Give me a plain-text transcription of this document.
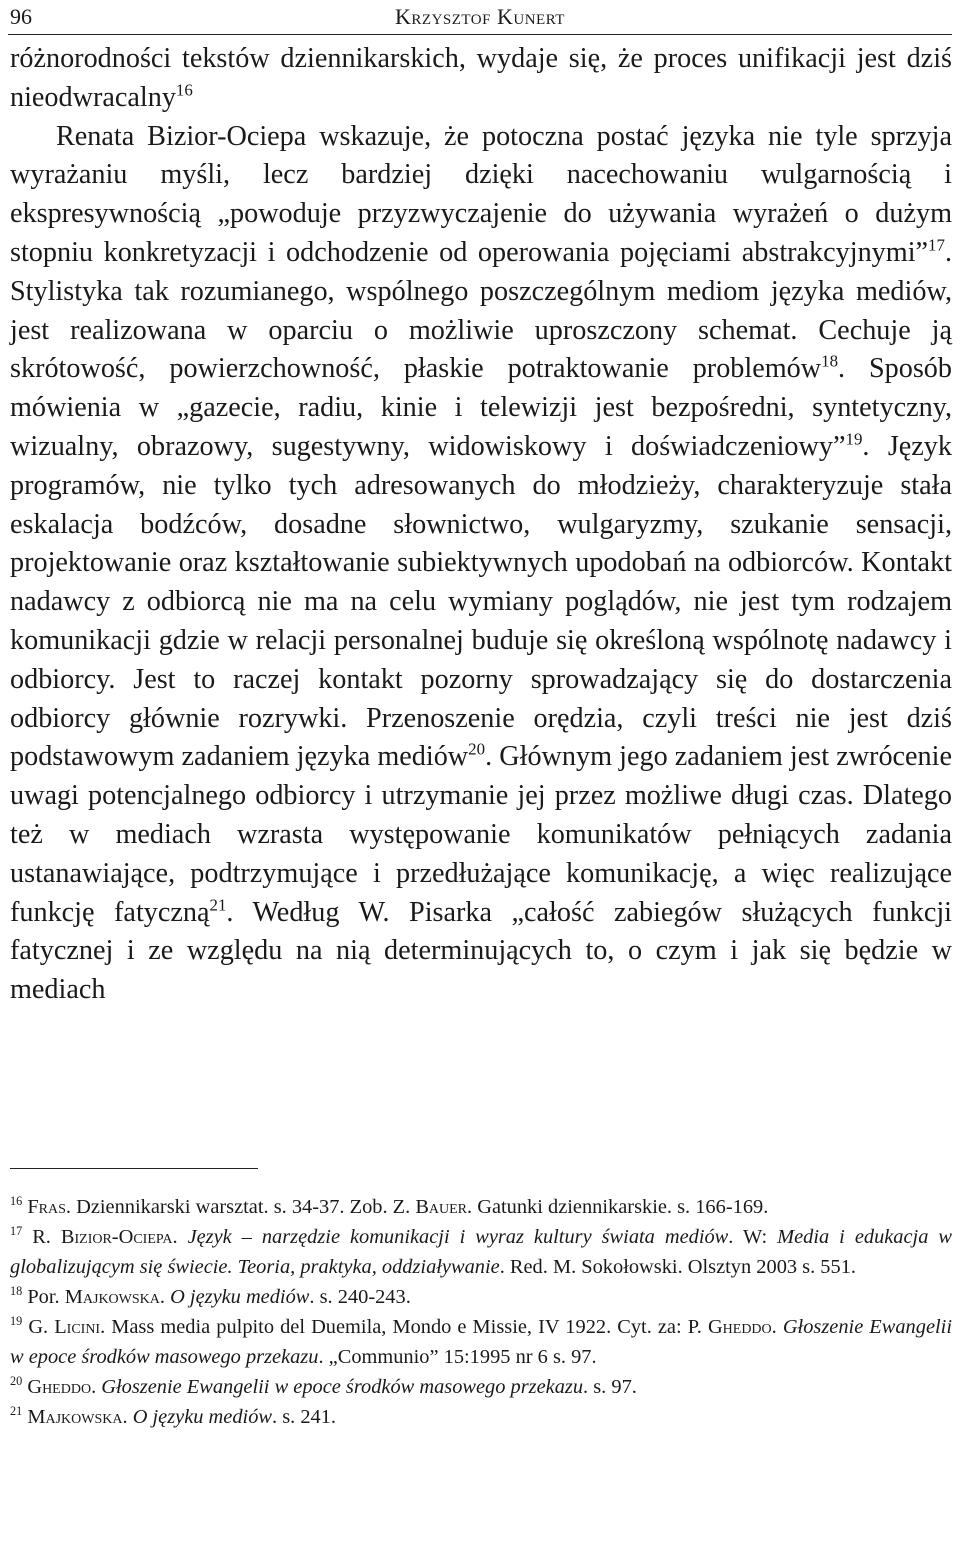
96	Krzysztof Kunert

różnorodności tekstów dziennikarskich, wydaje się, że proces unifikacji jest dziś nieodwracalny$^{16}$

Renata Bizior-Ociepa wskazuje, że potoczna postać języka nie tyle sprzyja wyrażaniu myśli, lecz bardziej dzięki nacechowaniu wulgarnością i ekspresywnością „powoduje przyzwyczajenie do używania wyrażeń o dużym stopniu konkretyzacji i odchodzenie od operowania pojęciami abstrakcyjnymi”$^{17}$. Stylistyka tak rozumianego, wspólnego poszczególnym mediom języka mediów, jest realizowana w oparciu o możliwie uproszczony schemat. Cechuje ją skrótowość, powierzchowność, płaskie potraktowanie problemów$^{18}$. Sposób mówienia w „gazecie, radiu, kinie i telewizji jest bezpośredni, syntetyczny, wizualny, obrazowy, sugestywny, widowiskowy i doświadczeniowy”$^{19}$. Język programów, nie tylko tych adresowanych do młodzieży, charakteryzuje stała eskalacja bodźców, dosadne słownictwo, wulgaryzmy, szukanie sensacji, projektowanie oraz kształtowanie subiektywnych upodobań na odbiorców. Kontakt nadawcy z odbiorcą nie ma na celu wymiany poglądów, nie jest tym rodzajem komunikacji gdzie w relacji personalnej buduje się określoną wspólnotę nadawcy i odbiorcy. Jest to raczej kontakt pozorny sprowadzający się do dostarczenia odbiorcy głównie rozrywki. Przenoszenie orędzia, czyli treści nie jest dziś podstawowym zadaniem języka mediów$^{20}$. Głównym jego zadaniem jest zwrócenie uwagi potencjalnego odbiorcy i utrzymanie jej przez możliwe długi czas. Dlatego też w mediach wzrasta występowanie komunikatów pełniących zadania ustanawiające, podtrzymujące i przedłużające komunikację, a więc realizujące funkcję fatyczną$^{21}$. Według W. Pisarka „całość zabiegów służących funkcji fatycznej i ze względu na nią determinujących to, o czym i jak się będzie w mediach

$^{16}$ Fras. Dziennikarski warsztat. s. 34-37. Zob. Z. Bauer. Gatunki dziennikarskie. s. 166-169.

$^{17}$ R. Bizior-Ociepa. Język – narzędzie komunikacji i wyraz kultury świata mediów. W: Media i edukacja w globalizującym się świecie. Teoria, praktyka, oddziaływanie. Red. M. Sokołowski. Olsztyn 2003 s. 551.

$^{18}$ Por. Majkowska. O języku mediów. s. 240-243.

$^{19}$ G. Licini. Mass media pulpito del Duemila, Mondo e Missie, IV 1922. Cyt. za: P. Gheddo. Głoszenie Ewangelii w epoce środków masowego przekazu. „Communio” 15:1995 nr 6 s. 97.

$^{20}$ Gheddo. Głoszenie Ewangelii w epoce środków masowego przekazu. s. 97.

$^{21}$ Majkowska. O języku mediów. s. 241.
